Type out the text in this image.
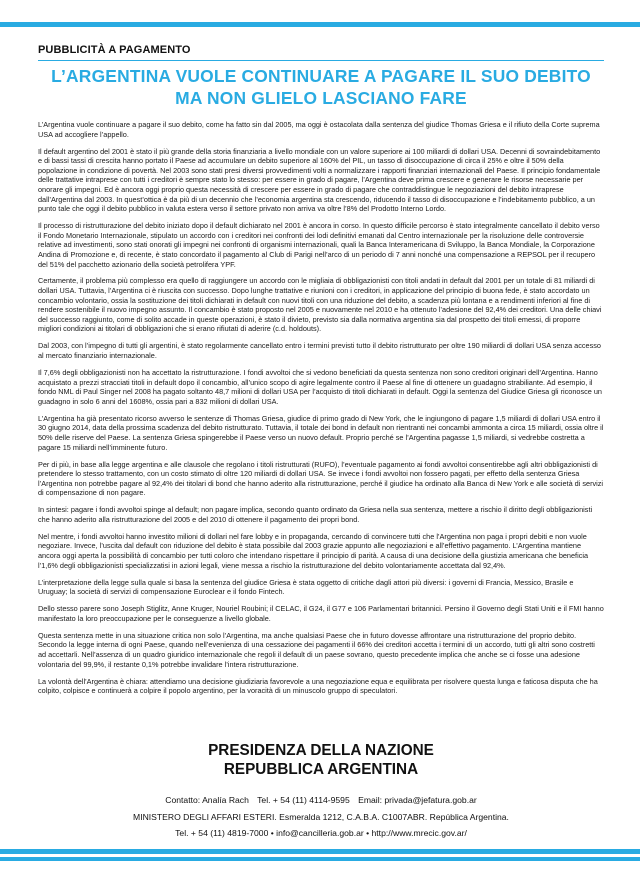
PUBBLICITÀ A PAGAMENTO
L’ARGENTINA VUOLE CONTINUARE A PAGARE IL SUO DEBITO
MA NON GLIELO LASCIANO FARE

L’Argentina vuole continuare a pagare il suo debito, come ha fatto sin dal 2005, ma oggi è ostacolata dalla sentenza del giudice Thomas Griesa e il rifiuto della Corte suprema USA ad accogliere l’appello.

Il default argentino del 2001 è stato il più grande della storia finanziaria a livello mondiale con un valore superiore ai 100 miliardi di dollari USA. Decenni di sovraindebitamento e di bassi tassi di crescita hanno portato il Paese ad accumulare un debito superiore al 160% del PIL, un tasso di disoccupazione di circa il 25% e oltre il 50% della popolazione in condizione di povertà. Nel 2003 sono stati presi diversi provvedimenti volti a normalizzare i rapporti finanziari internazionali del Paese. Il principio fondamentale delle trattative intraprese con tutti i creditori è sempre stato lo stesso: per essere in grado di pagare, l’Argentina deve prima crescere e generare le risorse necessarie per onorare gli impegni. Ed è ancora oggi proprio questa necessità di crescere per essere in grado di pagare che contraddistingue le negoziazioni del debito intraprese dall’Argentina dal 2003. In quest’ottica è da più di un decennio che l’economia argentina sta crescendo, riducendo il tasso di disoccupazione e l’indebitamento pubblico, a un punto tale che oggi il debito pubblico in valuta estera verso il settore privato non arriva va oltre l’8% del Prodotto Interno Lordo.

Il processo di ristrutturazione del debito iniziato dopo il default dichiarato nel 2001 è ancora in corso. In questo difficile percorso è stato integralmente cancellato il debito verso il Fondo Monetario Internazionale, stipulato un accordo con i creditori nei confronti dei lodi definitivi emanati dal Centro internazionale per la risoluzione delle controversie relative ad investimenti, sono stati onorati gli impegni nei confronti di organismi internazionali, quali la Banca Interamericana di Sviluppo, la Banca Mondiale, la Corporazione Andina di Promozione e, di recente, è stato concordato il pagamento al Club di Parigi nell’arco di un periodo di 7 anni nonché una compensazione a REPSOL per il recupero del 51% del pacchetto azionario della società petrolifera YPF.

Certamente, il problema più complesso era quello di raggiungere un accordo con le migliaia di obbligazionisti con titoli andati in default dal 2001 per un totale di 81 miliardi di dollari USA. Tuttavia, l’Argentina ci è riuscita con successo. Dopo lunghe trattative e riunioni con i creditori, in applicazione del principio di buona fede, è stato accordato un concambio volontario, ossia la sostituzione dei titoli dichiarati in default con nuovi titoli con una riduzione del debito, a scadenza più lontana e a rendimenti inferiori al fine di rendere sostenibile il nuovo impegno assunto. Il concambio è stato proposto nel 2005 e nuovamente nel 2010 e ha ottenuto l’adesione del 92,4% dei creditori. Una delle chiavi del successo raggiunto, come di solito accade in queste operazioni, è stato il divieto, previsto sia dalla normativa argentina sia dal prospetto dei titoli emessi, di proporre migliori condizioni ai titolari di obbligazioni che si erano rifiutati di aderire (c.d. holdouts).

Dal 2003, con l’impegno di tutti gli argentini, è stato regolarmente cancellato entro i termini previsti tutto il debito ristrutturato per oltre 190 miliardi di dollari USA senza accesso al mercato finanziario internazionale.

Il 7,6% degli obbligazionisti non ha accettato la ristrutturazione. I fondi avvoltoi che si vedono beneficiati da questa sentenza non sono creditori originari dell’Argentina. Hanno acquistato a prezzi stracciati titoli in default dopo il concambio, all’unico scopo di agire legalmente contro il Paese al fine di ottenere un guadagno strabiliante. Ad esempio, il fondo NML di Paul Singer nel 2008 ha pagato soltanto 48,7 milioni di dollari USA per l’acquisto di titoli dichiarati in default. Oggi la sentenza del Giudice Griesa gli riconosce un guadagno in solo 6 anni del 1608%, ossia pari a 832 milioni di dollari USA.

L’Argentina ha già presentato ricorso avverso le sentenze di Thomas Griesa, giudice di primo grado di New York, che le ingiungono di pagare 1,5 miliardi di dollari USA entro il 30 giugno 2014, data della prossima scadenza del debito ristrutturato. Tuttavia, il totale dei bond in default non rientranti nei concambi ammonta a circa 15 miliardi, ossia oltre il 50% delle riserve del Paese. La sentenza Griesa spingerebbe il Paese verso un nuovo default. Proprio perché se l’Argentina pagasse 1,5 miliardi, si vedrebbe costretta a pagare 15 miliardi nell’imminente futuro.

Per di più, in base alla legge argentina e alle clausole che regolano i titoli ristrutturati (RUFO), l’eventuale pagamento ai fondi avvoltoi consentirebbe agli altri obbligazionisti di pretendere lo stesso trattamento, con un costo stimato di oltre 120 miliardi di dollari USA. Se invece i fondi avvoltoi non fossero pagati, per effetto della sentenza Griesa l’Argentina non potrebbe pagare al 92,4% dei titolari di bond che hanno aderito alla ristrutturazione, perché il giudice ha ordinato alla Banca di New York e alle società di servizi di compensazione di non pagare.

In sintesi: pagare i fondi avvoltoi spinge al default; non pagare implica, secondo quanto ordinato da Griesa nella sua sentenza, mettere a rischio il diritto degli obbligazionisti che hanno aderito alla ristrutturazione del 2005 e del 2010 di ottenere il pagamento dei propri bond.

Nel mentre, i fondi avvoltoi hanno investito milioni di dollari nel fare lobby e in propaganda, cercando di convincere tutti che l’Argentina non paga i propri debiti e non vuole negoziare. Invece, l’uscita dal default con riduzione del debito è stata possibile dal 2003 grazie appunto alle negoziazioni e all’effettivo pagamento. L’Argentina mantiene ancora oggi aperta la possibilità di concambio per tutti coloro che intendano rispettare il principio di parità. A causa di una decisione della giustizia americana che beneficia l’1,6% degli obbligazionisti specializzatisi in azioni legali, viene messa a rischio la ristrutturazione del debito volontariamente accettata dal 92,4%.

L’interpretazione della legge sulla quale si basa la sentenza del giudice Griesa è stata oggetto di critiche dagli attori più diversi: i governi di Francia, Messico, Brasile e Uruguay; la società di servizi di compensazione Euroclear e il fondo Fintech.

Dello stesso parere sono Joseph Stiglitz, Anne Kruger, Nouriel Roubini; il CELAC, il G24, il G77 e 106 Parlamentari britannici. Persino il Governo degli Stati Uniti e il FMI hanno manifestato la loro preoccupazione per le conseguenze a livello globale.

Questa sentenza mette in una situazione critica non solo l’Argentina, ma anche qualsiasi Paese che in futuro dovesse affrontare una ristrutturazione del proprio debito. Secondo la legge interna di ogni Paese, quando nell’evenienza di una cessazione dei pagamenti il 66% dei creditori accetta i termini di un accordo, tutti gli altri sono costretti ad accettarli. Nell’assenza di un quadro giuridico internazionale che regoli il default di un paese sovrano, questo precedente implica che anche se ci fosse una adesione volontaria del 99,9%, il restante 0,1% potrebbe invalidare l’intera ristrutturazione.

La volontà dell’Argentina è chiara: attendiamo una decisione giudiziaria favorevole a una negoziazione equa e equilibrata per risolvere questa lunga e faticosa disputa che ha colpito, colpisce e continuerà a colpire il popolo argentino, per la voracità di un minuscolo gruppo di speculatori.

PRESIDENZA DELLA NAZIONE
REPUBBLICA ARGENTINA
Contatto: Analía Rach Tel. + 54 (11) 4114-9595 Email: privada@jefatura.gob.ar
MINISTERO DEGLI AFFARI ESTERI. Esmeralda 1212, C.A.B.A. C1007ABR. República Argentina.
Tel. + 54 (11) 4819-7000 • info@cancilleria.gob.ar • http://www.mrecic.gov.ar/
